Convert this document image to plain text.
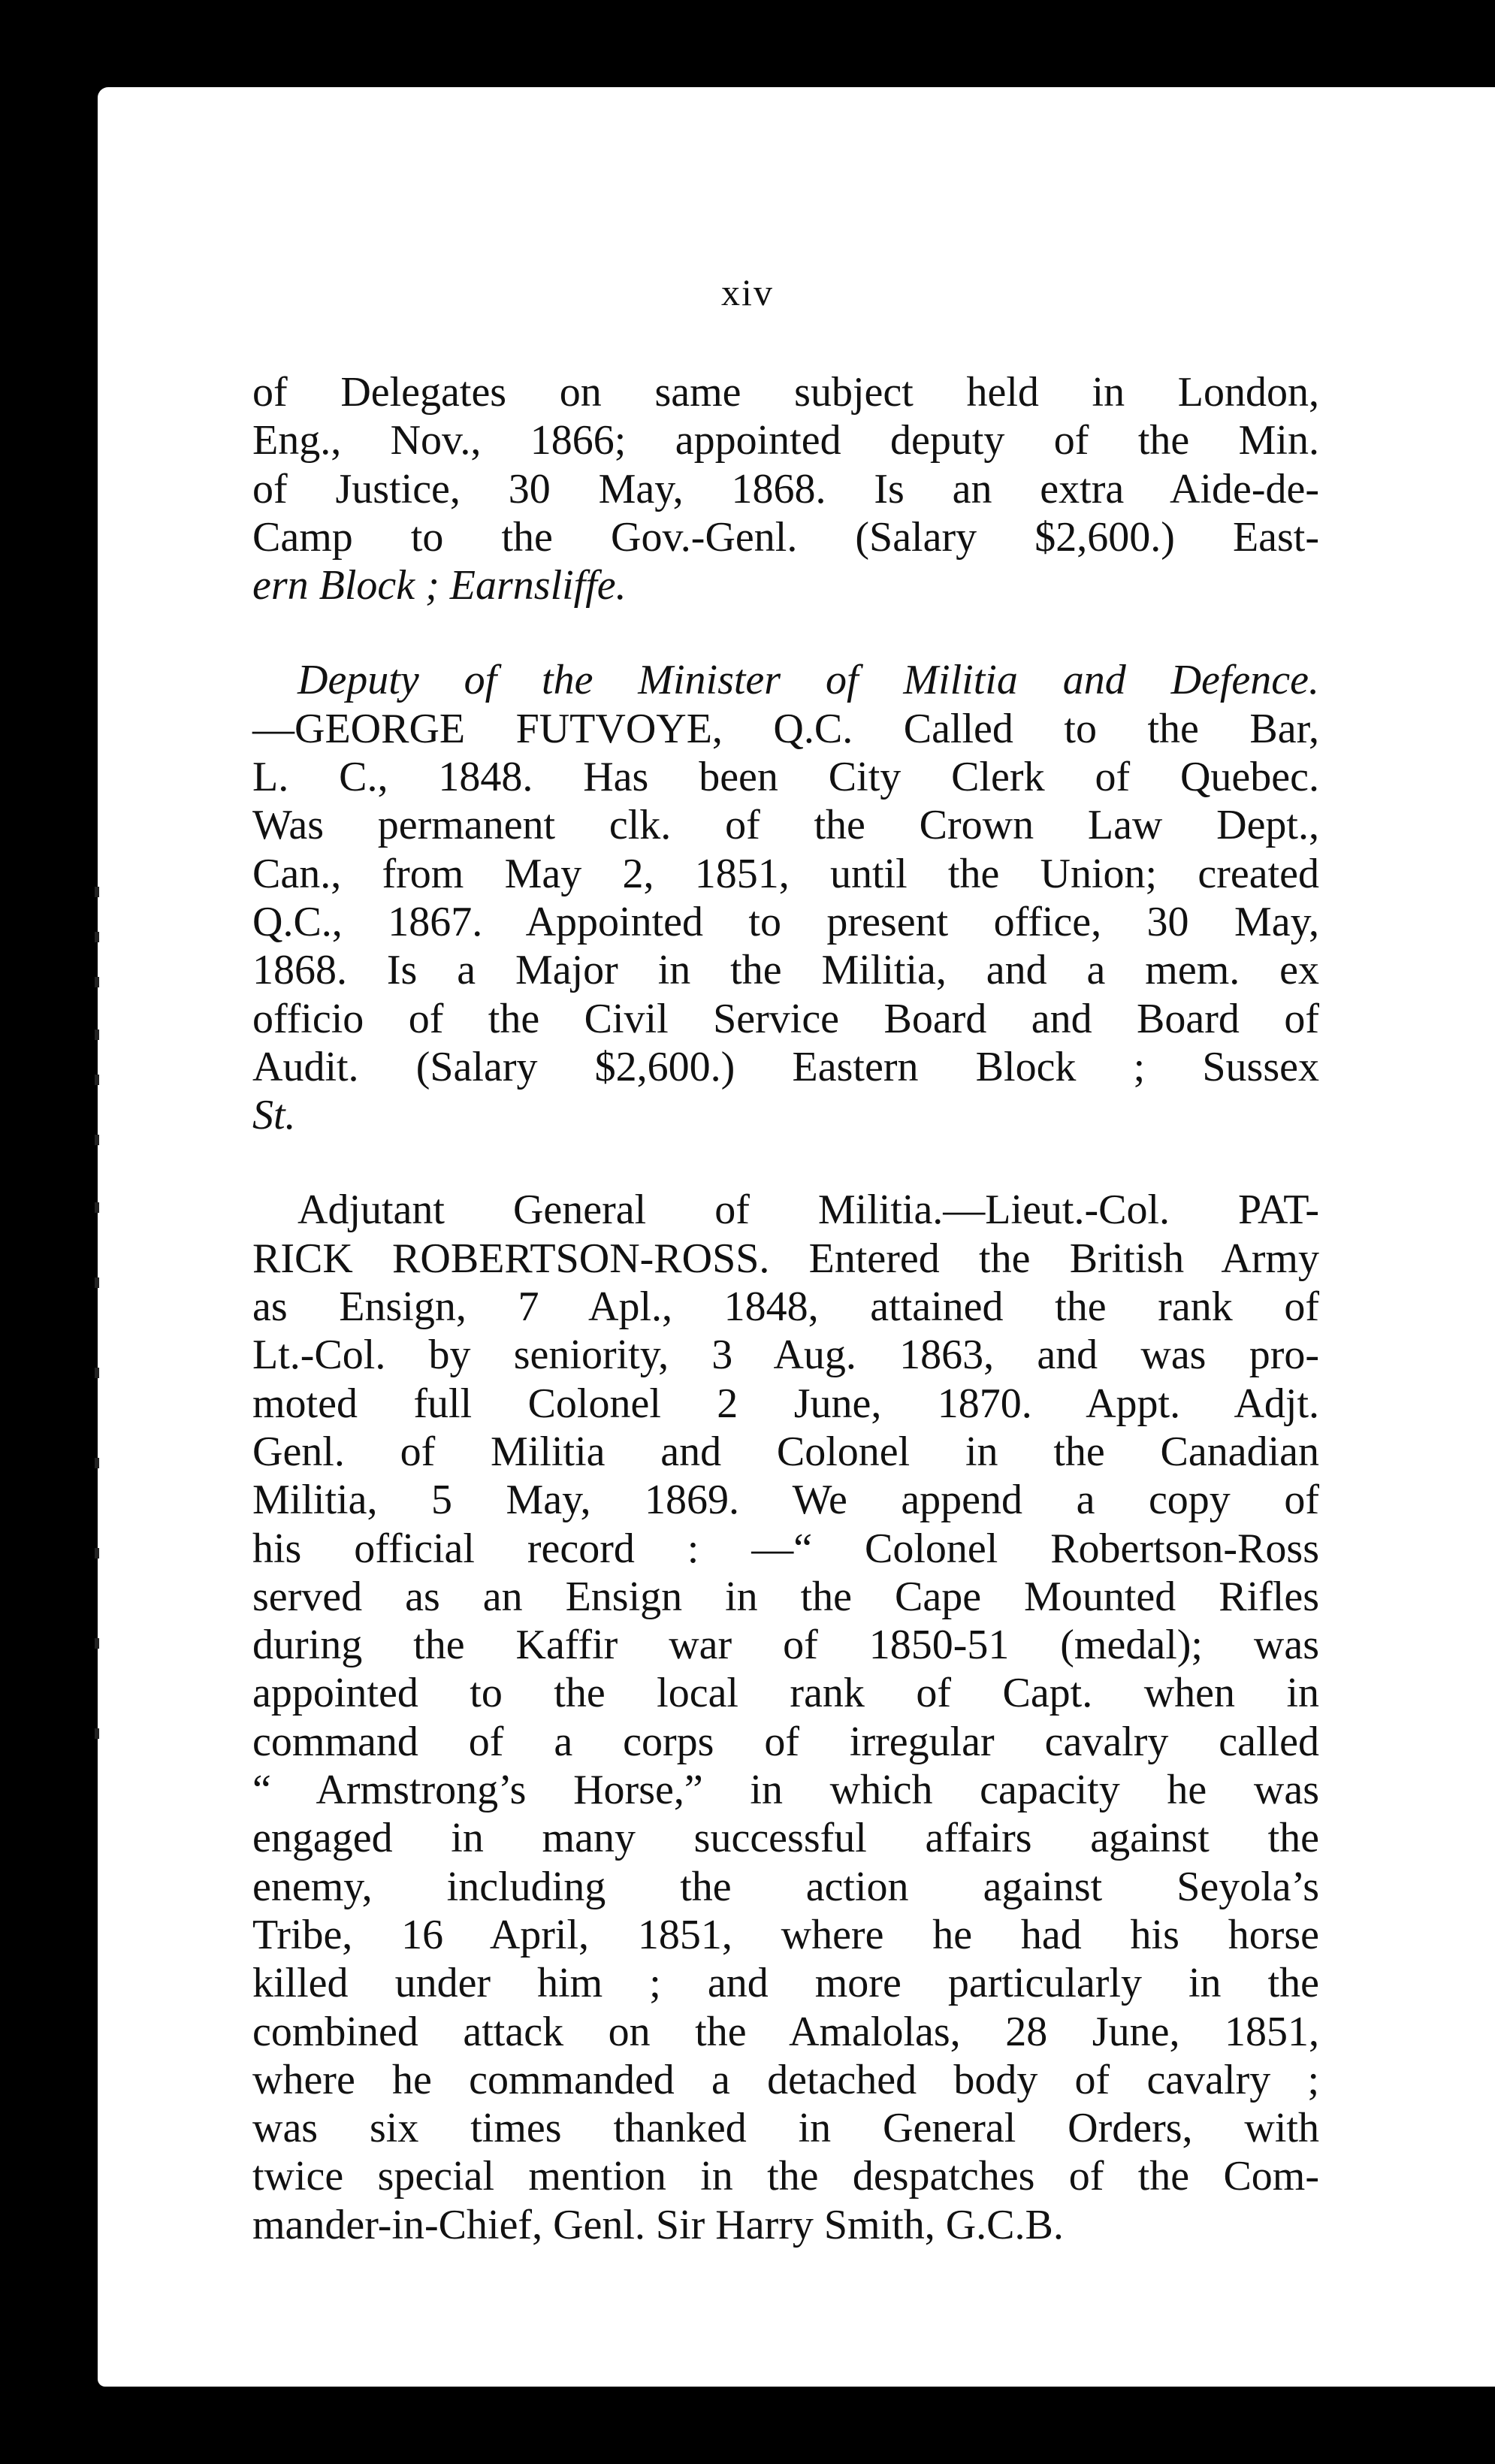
xiv
of Delegates on same subject held in London,
Eng., Nov., 1866; appointed deputy of the Min.
of Justice, 30 May, 1868. Is an extra Aide-de-
Camp to the Gov.-Genl. (Salary $2,600.) East-
ern Block ; Earnsliffe.
Deputy of the Minister of Militia and Defence.
—GEORGE FUTVOYE, Q.C. Called to the Bar,
L. C., 1848. Has been City Clerk of Quebec.
Was permanent clk. of the Crown Law Dept.,
Can., from May 2, 1851, until the Union; created
Q.C., 1867. Appointed to present office, 30 May,
1868. Is a Major in the Militia, and a mem. ex
officio of the Civil Service Board and Board of
Audit. (Salary $2,600.) Eastern Block ; Sussex
St.
Adjutant General of Militia.—Lieut.-Col. PAT-
RICK ROBERTSON-ROSS. Entered the British Army
as Ensign, 7 Apl., 1848, attained the rank of
Lt.-Col. by seniority, 3 Aug. 1863, and was pro-
moted full Colonel 2 June, 1870. Appt. Adjt.
Genl. of Militia and Colonel in the Canadian
Militia, 5 May, 1869. We append a copy of
his official record : —“ Colonel Robertson-Ross
served as an Ensign in the Cape Mounted Rifles
during the Kaffir war of 1850-51 (medal); was
appointed to the local rank of Capt. when in
command of a corps of irregular cavalry called
“ Armstrong’s Horse,” in which capacity he was
engaged in many successful affairs against the
enemy, including the action against Seyola’s
Tribe, 16 April, 1851, where he had his horse
killed under him ; and more particularly in the
combined attack on the Amalolas, 28 June, 1851,
where he commanded a detached body of cavalry ;
was six times thanked in General Orders, with
twice special mention in the despatches of the Com-
mander-in-Chief, Genl. Sir Harry Smith, G.C.B.
